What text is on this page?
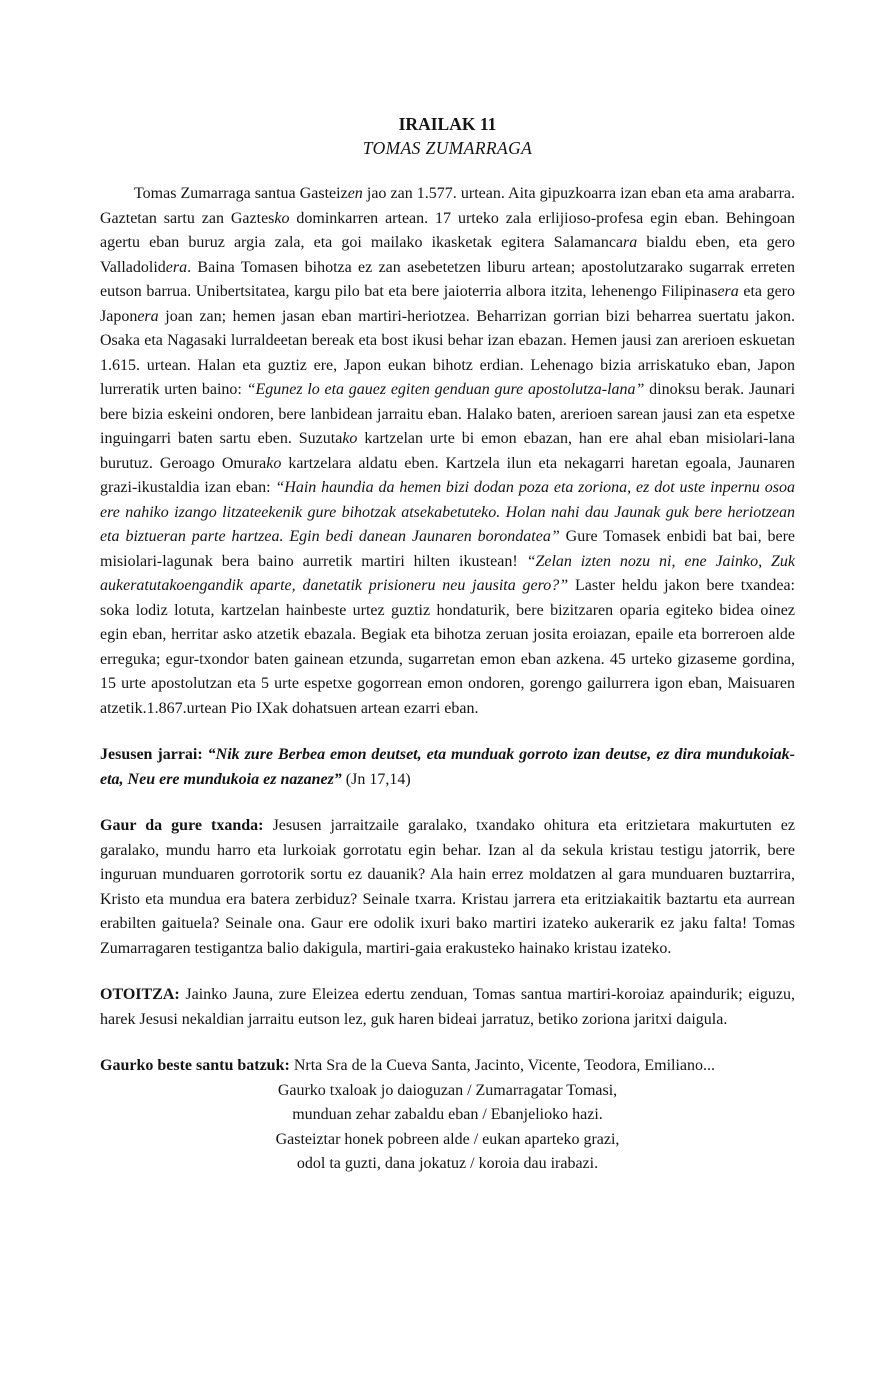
IRAILAK 11
TOMAS ZUMARRAGA

Tomas Zumarraga santua Gasteizen jao zan 1.577. urtean. Aita gipuzkoarra izan eban eta ama arabarra. Gaztetan sartu zan Gaztesko dominkarren artean. 17 urteko zala erlijioso-profesa egin eban. Behingoan agertu eban buruz argia zala, eta goi mailako ikasketak egitera Salamancara bialdu eben, eta gero Valladolidera. Baina Tomasen bihotza ez zan asebetetzen liburu artean; apostolutzarako sugarrak erreten eutson barrua. Unibertsitatea, kargu pilo bat eta bere jaioterria albora itzita, lehenengo Filipinasera eta gero Japonera joan zan; hemen jasan eban martiri-heriotzea. Beharrizan gorrian bizi beharrea suertatu jakon. Osaka eta Nagasaki lurraldeetan bereak eta bost ikusi behar izan ebazan. Hemen jausi zan arerioen eskuetan 1.615. urtean. Halan eta guztiz ere, Japon eukan bihotz erdian. Lehenago bizia arriskatuko eban, Japon lurreratik urten baino: “Egunez lo eta gauez egiten genduan gure apostolutza-lana” dinoksu berak. Jaunari bere bizia eskeini ondoren, bere lanbidean jarraitu eban. Halako baten, arerioen sarean jausi zan eta espetxe inguingarri baten sartu eben. Suzutako kartzelan urte bi emon ebazan, han ere ahal eban misiolari-lana burutuz. Geroago Omurako kartzelara aldatu eben. Kartzela ilun eta nekagarri haretan egoala, Jaunaren grazi-ikustaldia izan eban: “Hain haundia da hemen bizi dodan poza eta zoriona, ez dot uste inpernu osoa ere nahiko izango litzateekenik gure bihotzak atsekabetuteko. Holan nahi dau Jaunak guk bere heriotzean eta biztueran parte hartzea. Egin bedi danean Jaunaren borondatea” Gure Tomasek enbidi bat bai, bere misiolari-lagunak bera baino aurretik martiri hilten ikustean! “Zelan izten nozu ni, ene Jainko, Zuk aukeratutakoengandik aparte, danetatik prisioneru neu jausita gero?” Laster heldu jakon bere txandea: soka lodiz lotuta, kartzelan hainbeste urtez guztiz hondaturik, bere bizitzaren oparia egiteko bidea oinez egin eban, herritar asko atzetik ebazala. Begiak eta bihotza zeruan josita eroiazan, epaile eta borreroen alde erreguka; egur-txondor baten gainean etzunda, sugarretan emon eban azkena. 45 urteko gizaseme gordina, 15 urte apostolutzan eta 5 urte espetxe gogorrean emon ondoren, gorengo gailurrera igon eban, Maisuaren atzetik.1.867.urtean Pio IXak dohatsuen artean ezarri eban.

Jesusen jarrai: “Nik zure Berbea emon deutset, eta munduak gorroto izan deutse, ez dira mundukoiak-eta, Neu ere mundukoia ez nazanez” (Jn 17,14)

Gaur da gure txanda: Jesusen jarraitzaile garalako, txandako ohitura eta eritzietara makurtuten ez garalako, mundu harro eta lurkoiak gorrotatu egin behar. Izan al da sekula kristau testigu jatorrik, bere inguruan munduaren gorrotorik sortu ez dauanik? Ala hain errez moldatzen al gara munduaren buztarrira, Kristo eta mundua era batera zerbiduz? Seinale txarra. Kristau jarrera eta eritziakaitik baztartu eta aurrean erabilten gaituela? Seinale ona. Gaur ere odolik ixuri bako martiri izateko aukerarik ez jaku falta! Tomas Zumarragaren testigantza balio dakigula, martiri-gaia erakusteko hainako kristau izateko.

OTOITZA: Jainko Jauna, zure Eleizea edertu zenduan, Tomas santua martiri-koroiaz apaindurik; eiguzu, harek Jesusi nekaldian jarraitu eutson lez, guk haren bideai jarratuz, betiko zoriona jaritxi daigula.

Gaurko beste santu batzuk: Nrta Sra de la Cueva Santa, Jacinto, Vicente, Teodora, Emiliano...

Gaurko txaloak jo daioguzan / Zumarragatar Tomasi,

munduan zehar zabaldu eban / Ebanjelioko hazi.

Gasteiztar honek pobreen alde / eukan aparteko grazi,

odol ta guzti, dana jokatuz / koroia dau irabazi.
